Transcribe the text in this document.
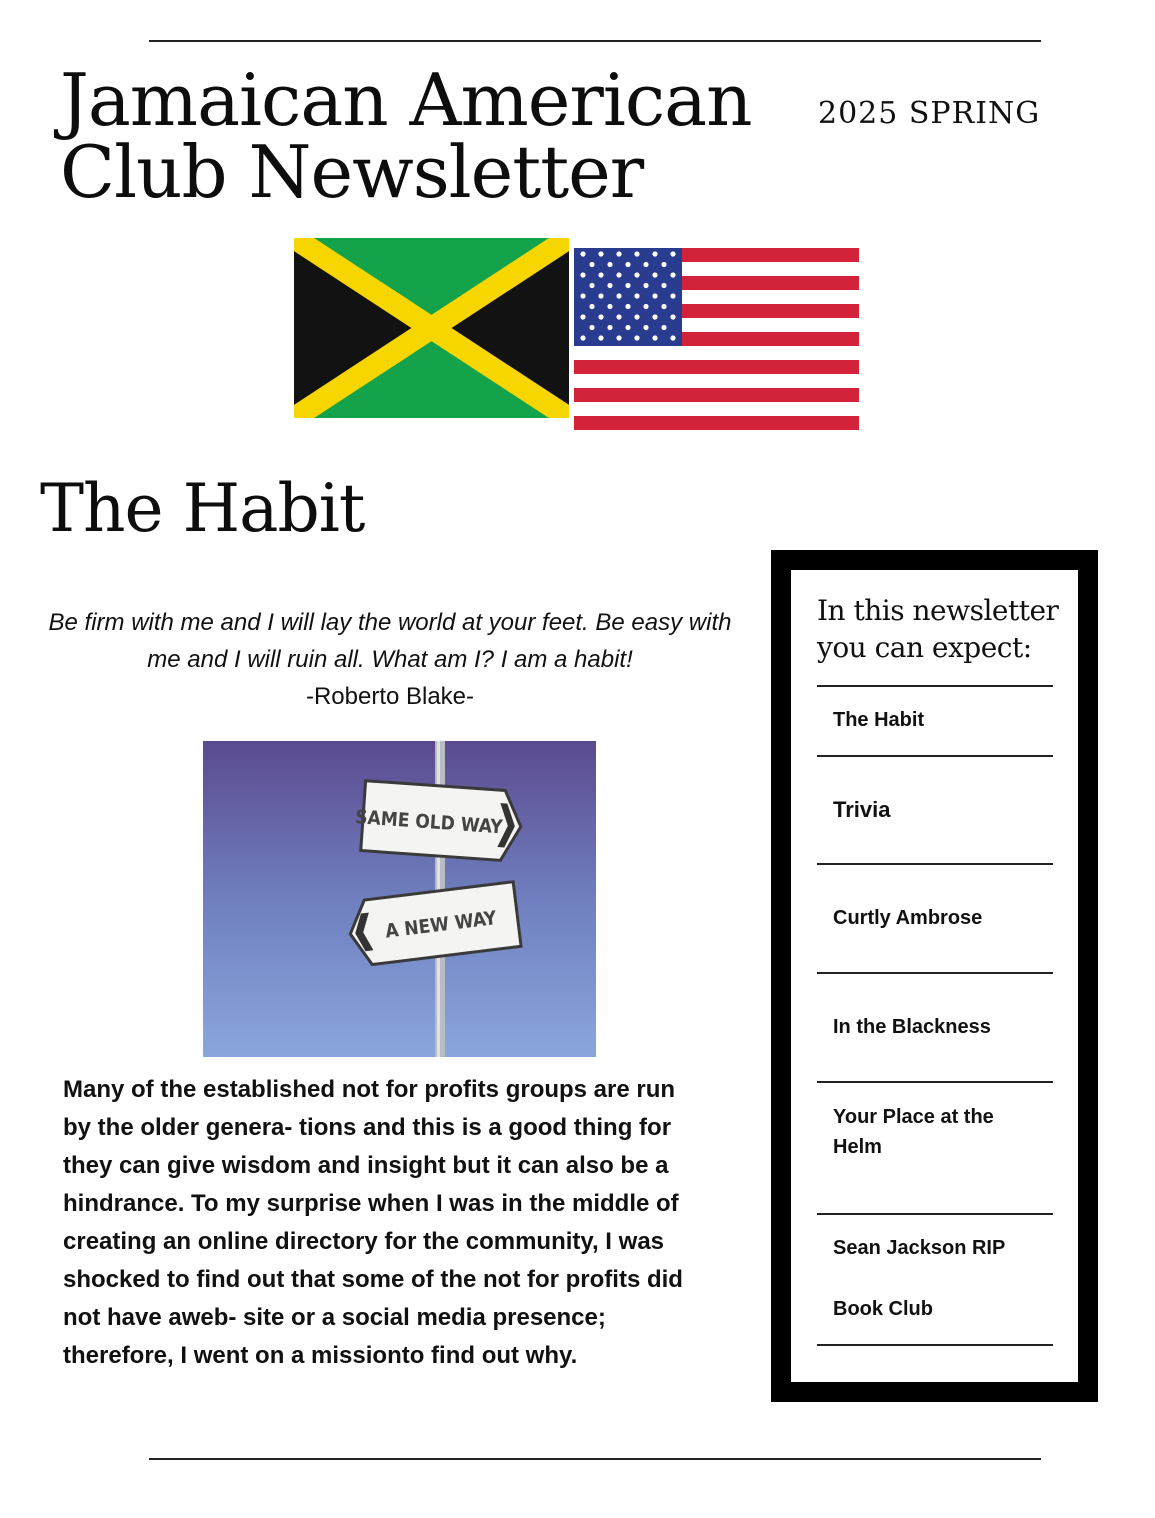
Jamaican American
Club Newsletter
2025 SPRING
The Habit
Be firm with me and I will lay the world at your feet. Be easy with me and I will ruin all. What am I? I am a habit!
-Roberto Blake-
SAME OLD WAY
A NEW WAY

Many of the established not for profits groups are run by the older genera- tions and this is a good thing for they can give wisdom and insight but it can also be a hindrance. To my surprise when I was in the middle of creating an online directory for the community, I was shocked to find out that some of the not for profits did not have aweb- site or a social media presence; therefore, I went on a missionto find out why.

In this newsletter you can expect:
The Habit
Trivia
Curtly Ambrose
In the Blackness
Your Place at the Helm
Sean Jackson RIP
Book Club
